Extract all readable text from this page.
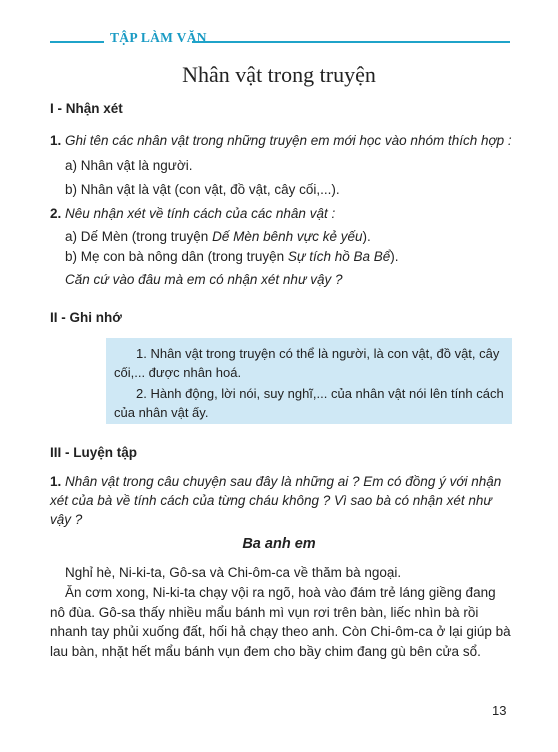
TẬP LÀM VĂN
Nhân vật trong truyện
I - Nhận xét
1. Ghi tên các nhân vật trong những truyện em mới học vào nhóm thích hợp :
a) Nhân vật là người.
b) Nhân vật là vật (con vật, đồ vật, cây cối,...).
2. Nêu nhận xét về tính cách của các nhân vật :
a) Dế Mèn (trong truyện Dế Mèn bênh vực kẻ yếu).
b) Mẹ con bà nông dân (trong truyện Sự tích hồ Ba Bể).
Căn cứ vào đâu mà em có nhận xét như vậy ?
II - Ghi nhớ

1. Nhân vật trong truyện có thể là người, là con vật, đồ vật, cây cối,... được nhân hoá.

2. Hành động, lời nói, suy nghĩ,... của nhân vật nói lên tính cách của nhân vật ấy.

III - Luyện tập
1. Nhân vật trong câu chuyện sau đây là những ai ? Em có đồng ý với nhận xét của bà về tính cách của từng cháu không ? Vì sao bà có nhận xét như vậy ?
Ba anh em
Nghỉ hè, Ni-ki-ta, Gô-sa và Chi-ôm-ca về thăm bà ngoại.
Ăn cơm xong, Ni-ki-ta chạy vội ra ngõ, hoà vào đám trẻ láng giềng đang nô đùa. Gô-sa thấy nhiều mẩu bánh mì vụn rơi trên bàn, liếc nhìn bà rồi nhanh tay phủi xuống đất, hối hả chạy theo anh. Còn Chi-ôm-ca ở lại giúp bà lau bàn, nhặt hết mẩu bánh vụn đem cho bầy chim đang gù bên cửa sổ.
13
